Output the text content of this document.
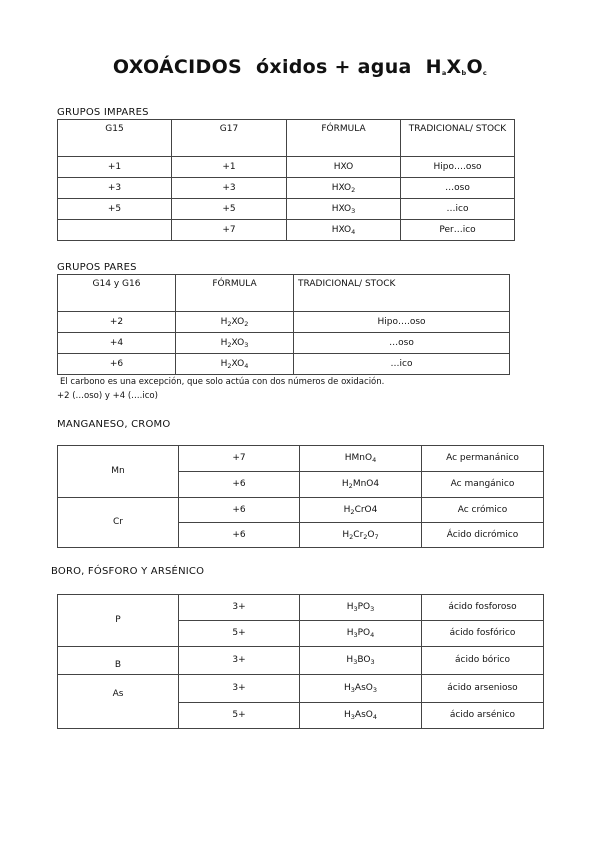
OXOÁCIDOS óxidos + agua $H_aX_bO_c$
GRUPOS IMPARES
G15	G17	FÓRMULA	TRADICIONAL/ STOCK
+1	+1	HXO	Hipo….oso
+3	+3	$HXO_2$	…oso
+5	+5	$HXO_3$	…ico
	+7	$HXO_4$	Per…ico
GRUPOS PARES
G14 y G16	FÓRMULA	TRADICIONAL/ STOCK
+2	$H_2XO_2$	Hipo….oso
+4	$H_2XO_3$	…oso
+6	$H_2XO_4$	…ico
El carbono es una excepción, que solo actúa con dos números de oxidación.
+2 (…oso) y +4 (….ico)
MANGANESO, CROMO
Mn	+7	HMnO$_4$	Ac permanánico
	+6	$H_2MnO4$	Ac mangánico
Cr	+6	$H_2CrO4$	Ac crómico
	+6	$H_2Cr_2O_7$	Ácido dicrómico
BORO, FÓSFORO Y ARSÉNICO
P	3+	$H_3PO_3$	ácido fosforoso
	5+	$H_3PO_4$	ácido fosfórico
B	3+	$H_3BO_3$	ácido bórico
As	3+	$H_3AsO_3$	ácido arsenioso
	5+	$H_3AsO_4$	ácido arsénico
